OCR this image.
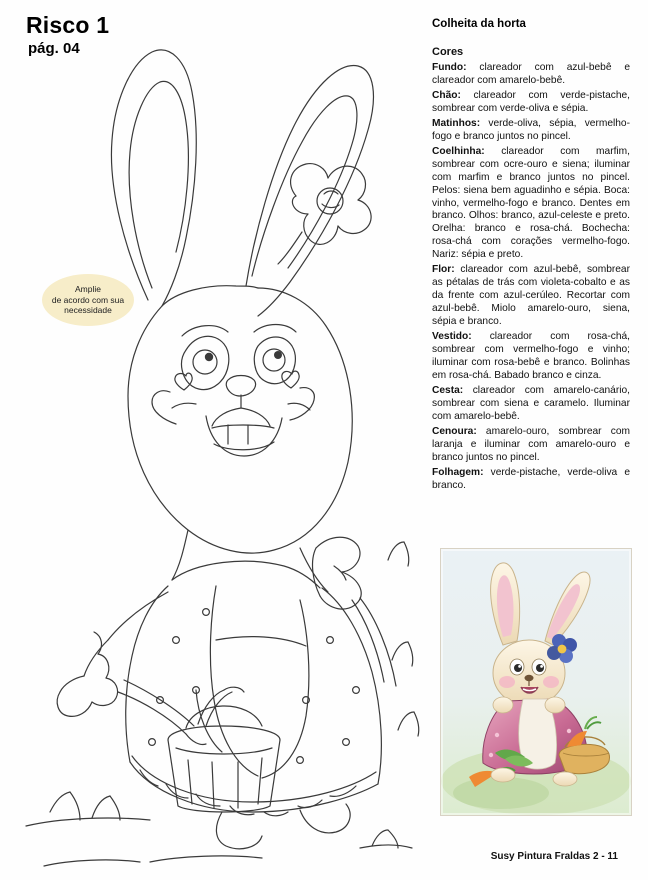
Risco 1
pág. 04
Amplie
de acordo com sua
necessidade
Colheita da horta
Cores

Fundo: clareador com azul-bebê e clareador com amarelo-bebê.

Chão: clareador com verde-pistache, sombrear com verde-oliva e sépia.

Matinhos: verde-oliva, sépia, vermelho-fogo e branco juntos no pincel.

Coelhinha: clareador com marfim, sombrear com ocre-ouro e siena; iluminar com marfim e branco juntos no pincel. Pelos: siena bem aguadinho e sépia. Boca: vinho, vermelho-fogo e branco. Dentes em branco. Olhos: branco, azul-celeste e preto. Orelha: branco e rosa-chá. Bochecha: rosa-chá com corações vermelho-fogo. Nariz: sépia e preto.

Flor: clareador com azul-bebê, sombrear as pétalas de trás com violeta-cobalto e as da frente com azul-cerúleo. Recortar com azul-bebê. Miolo amarelo-ouro, siena, sépia e branco.

Vestido: clareador com rosa-chá, sombrear com vermelho-fogo e vinho; iluminar com rosa-bebê e branco. Bolinhas em rosa-chá. Babado branco e cinza.

Cesta: clareador com amarelo-canário, sombrear com siena e caramelo. Iluminar com amarelo-bebê.

Cenoura: amarelo-ouro, sombrear com laranja e iluminar com amarelo-ouro e branco juntos no pincel.

Folhagem: verde-pistache, verde-oliva e branco.

Susy Pintura Fraldas 2 - 11
